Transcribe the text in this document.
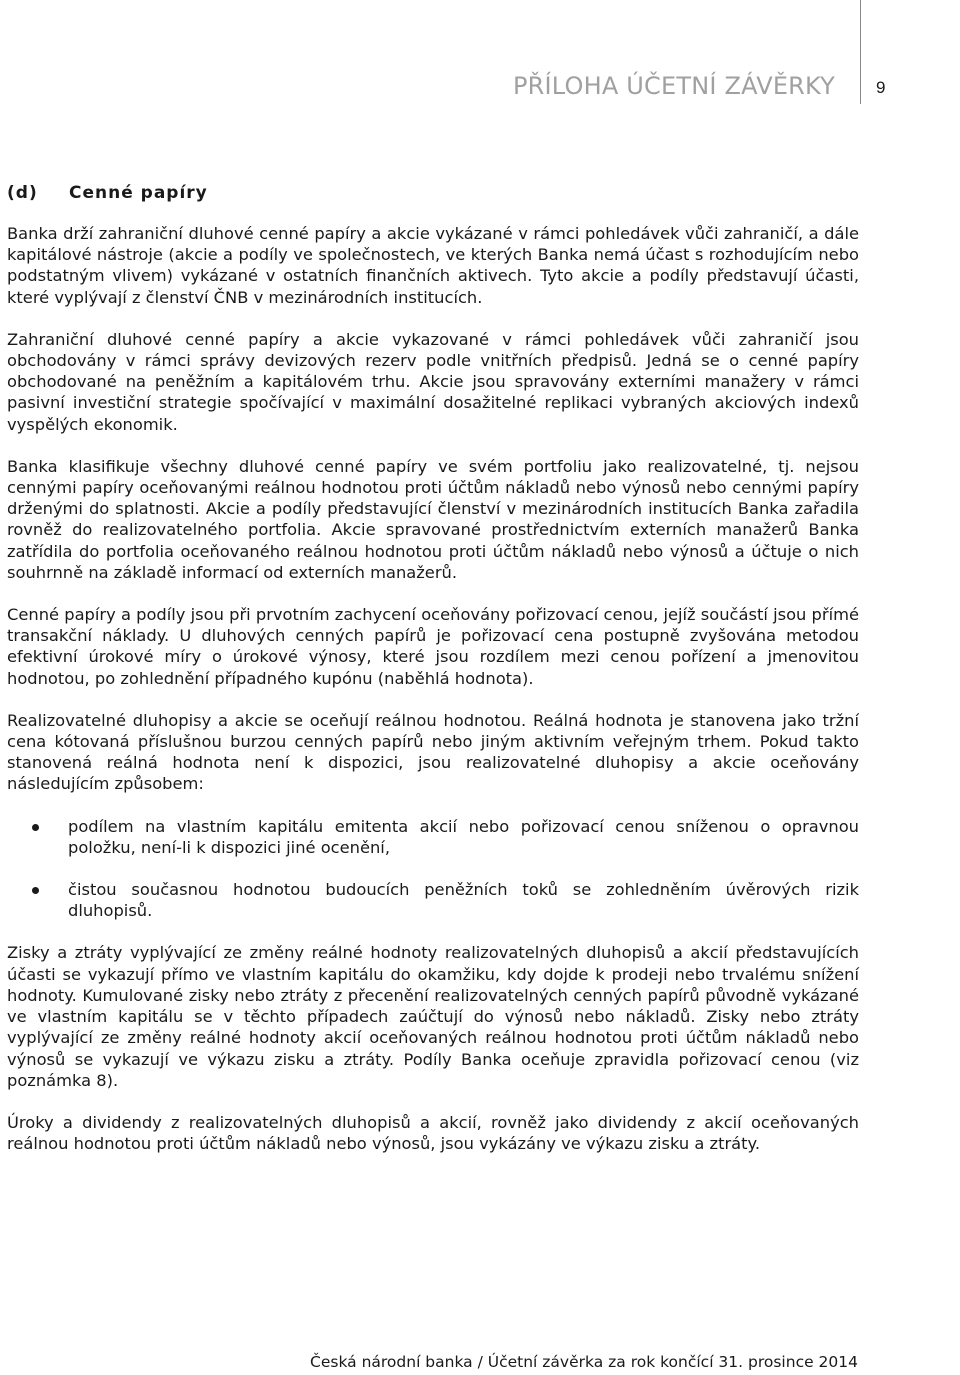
PŘÍLOHA ÚČETNÍ ZÁVĚRKY 9
(d) Cenné papíry

Banka drží zahraniční dluhové cenné papíry a akcie vykázané v rámci pohledávek vůči zahraničí, a dále kapitálové nástroje (akcie a podíly ve společnostech, ve kterých Banka nemá účast s rozhodujícím nebo podstatným vlivem) vykázané v ostatních finančních aktivech. Tyto akcie a podíly představují účasti, které vyplývají z členství ČNB v mezinárodních institucích.

Zahraniční dluhové cenné papíry a akcie vykazované v rámci pohledávek vůči zahraničí jsou obchodovány v rámci správy devizových rezerv podle vnitřních předpisů. Jedná se o cenné papíry obchodované na peněžním a kapitálovém trhu. Akcie jsou spravovány externími manažery v rámci pasivní investiční strategie spočívající v maximální dosažitelné replikaci vybraných akciových indexů vyspělých ekonomik.

Banka klasifikuje všechny dluhové cenné papíry ve svém portfoliu jako realizovatelné, tj. nejsou cennými papíry oceňovanými reálnou hodnotou proti účtům nákladů nebo výnosů nebo cennými papíry drženými do splatnosti. Akcie a podíly představující členství v mezinárodních institucích Banka zařadila rovněž do realizovatelného portfolia. Akcie spravované prostřednictvím externích manažerů Banka zatřídila do portfolia oceňovaného reálnou hodnotou proti účtům nákladů nebo výnosů a účtuje o nich souhrnně na základě informací od externích manažerů.

Cenné papíry a podíly jsou při prvotním zachycení oceňovány pořizovací cenou, jejíž součástí jsou přímé transakční náklady. U dluhových cenných papírů je pořizovací cena postupně zvyšována metodou efektivní úrokové míry o úrokové výnosy, které jsou rozdílem mezi cenou pořízení a jmenovitou hodnotou, po zohlednění případného kupónu (naběhlá hodnota).

Realizovatelné dluhopisy a akcie se oceňují reálnou hodnotou. Reálná hodnota je stanovena jako tržní cena kótovaná příslušnou burzou cenných papírů nebo jiným aktivním veřejným trhem. Pokud takto stanovená reálná hodnota není k dispozici, jsou realizovatelné dluhopisy a akcie oceňovány následujícím způsobem:

podílem na vlastním kapitálu emitenta akcií nebo pořizovací cenou sníženou o opravnou položku, není-li k dispozici jiné ocenění,
čistou současnou hodnotou budoucích peněžních toků se zohledněním úvěrových rizik dluhopisů.

Zisky a ztráty vyplývající ze změny reálné hodnoty realizovatelných dluhopisů a akcií představujících účasti se vykazují přímo ve vlastním kapitálu do okamžiku, kdy dojde k prodeji nebo trvalému snížení hodnoty. Kumulované zisky nebo ztráty z přecenění realizovatelných cenných papírů původně vykázané ve vlastním kapitálu se v těchto případech zaúčtují do výnosů nebo nákladů. Zisky nebo ztráty vyplývající ze změny reálné hodnoty akcií oceňovaných reálnou hodnotou proti účtům nákladů nebo výnosů se vykazují ve výkazu zisku a ztráty. Podíly Banka oceňuje zpravidla pořizovací cenou (viz poznámka 8).

Úroky a dividendy z realizovatelných dluhopisů a akcií, rovněž jako dividendy z akcií oceňovaných reálnou hodnotou proti účtům nákladů nebo výnosů, jsou vykázány ve výkazu zisku a ztráty.

Česká národní banka / Účetní závěrka za rok končící 31. prosince 2014
